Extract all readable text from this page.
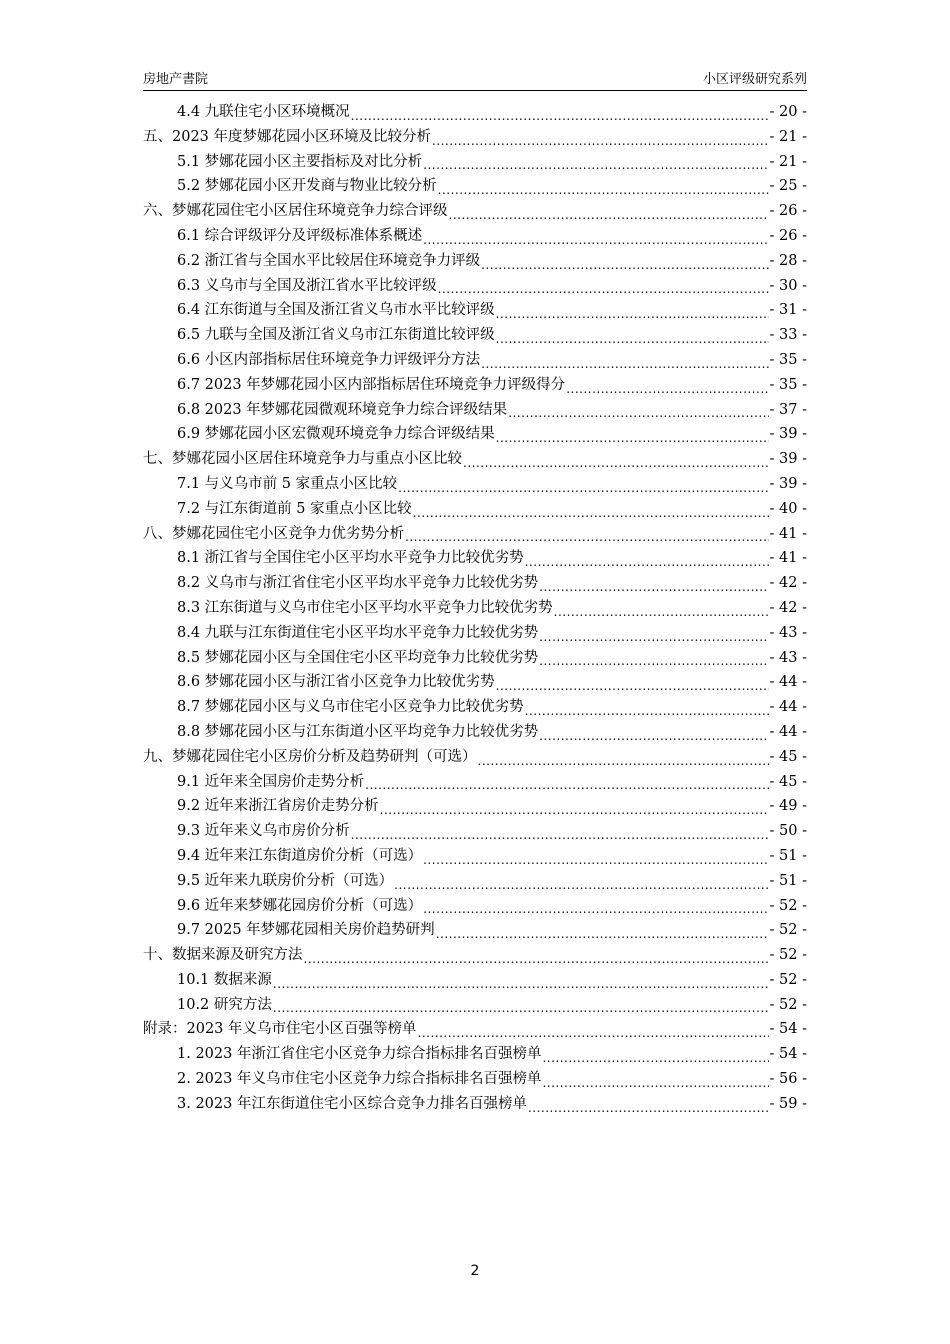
房地产書院	小区评级研究系列
4.4 九联住宅小区环境概况 .....	- 20 -
五、2023 年度梦娜花园小区环境及比较分析 .....	- 21 -
5.1 梦娜花园小区主要指标及对比分析 .....	- 21 -
5.2 梦娜花园小区开发商与物业比较分析 .....	- 25 -
六、梦娜花园住宅小区居住环境竞争力综合评级 .....	- 26 -
6.1 综合评级评分及评级标准体系概述 .....	- 26 -
6.2 浙江省与全国水平比较居住环境竞争力评级 .....	- 28 -
6.3 义乌市与全国及浙江省水平比较评级 .....	- 30 -
6.4 江东街道与全国及浙江省义乌市水平比较评级 .....	- 31 -
6.5 九联与全国及浙江省义乌市江东街道比较评级 .....	- 33 -
6.6 小区内部指标居住环境竞争力评级评分方法 .....	- 35 -
6.7 2023 年梦娜花园小区内部指标居住环境竞争力评级得分 .....	- 35 -
6.8 2023 年梦娜花园微观环境竞争力综合评级结果 .....	- 37 -
6.9 梦娜花园小区宏微观环境竞争力综合评级结果 .....	- 39 -
七、梦娜花园小区居住环境竞争力与重点小区比较 .....	- 39 -
7.1 与义乌市前 5 家重点小区比较 .....	- 39 -
7.2 与江东街道前 5 家重点小区比较 .....	- 40 -
八、梦娜花园住宅小区竞争力优劣势分析 .....	- 41 -
8.1 浙江省与全国住宅小区平均水平竞争力比较优劣势 .....	- 41 -
8.2 义乌市与浙江省住宅小区平均水平竞争力比较优劣势 .....	- 42 -
8.3 江东街道与义乌市住宅小区平均水平竞争力比较优劣势 .....	- 42 -
8.4 九联与江东街道住宅小区平均水平竞争力比较优劣势 .....	- 43 -
8.5 梦娜花园小区与全国住宅小区平均竞争力比较优劣势 .....	- 43 -
8.6 梦娜花园小区与浙江省小区竞争力比较优劣势 .....	- 44 -
8.7 梦娜花园小区与义乌市住宅小区竞争力比较优劣势 .....	- 44 -
8.8 梦娜花园小区与江东街道小区平均竞争力比较优劣势 .....	- 44 -
九、梦娜花园住宅小区房价分析及趋势研判（可选） .....	- 45 -
9.1 近年来全国房价走势分析 .....	- 45 -
9.2 近年来浙江省房价走势分析 .....	- 49 -
9.3 近年来义乌市房价分析 .....	- 50 -
9.4 近年来江东街道房价分析（可选） .....	- 51 -
9.5 近年来九联房价分析（可选） .....	- 51 -
9.6 近年来梦娜花园房价分析（可选） .....	- 52 -
9.7 2025 年梦娜花园相关房价趋势研判 .....	- 52 -
十、数据来源及研究方法 .....	- 52 -
10.1 数据来源 .....	- 52 -
10.2 研究方法 .....	- 52 -
附录：2023 年义乌市住宅小区百强等榜单 .....	- 54 -
1. 2023 年浙江省住宅小区竞争力综合指标排名百强榜单 .....	- 54 -
2. 2023 年义乌市住宅小区竞争力综合指标排名百强榜单 .....	- 56 -
3. 2023 年江东街道住宅小区综合竞争力排名百强榜单 .....	- 59 -
2
